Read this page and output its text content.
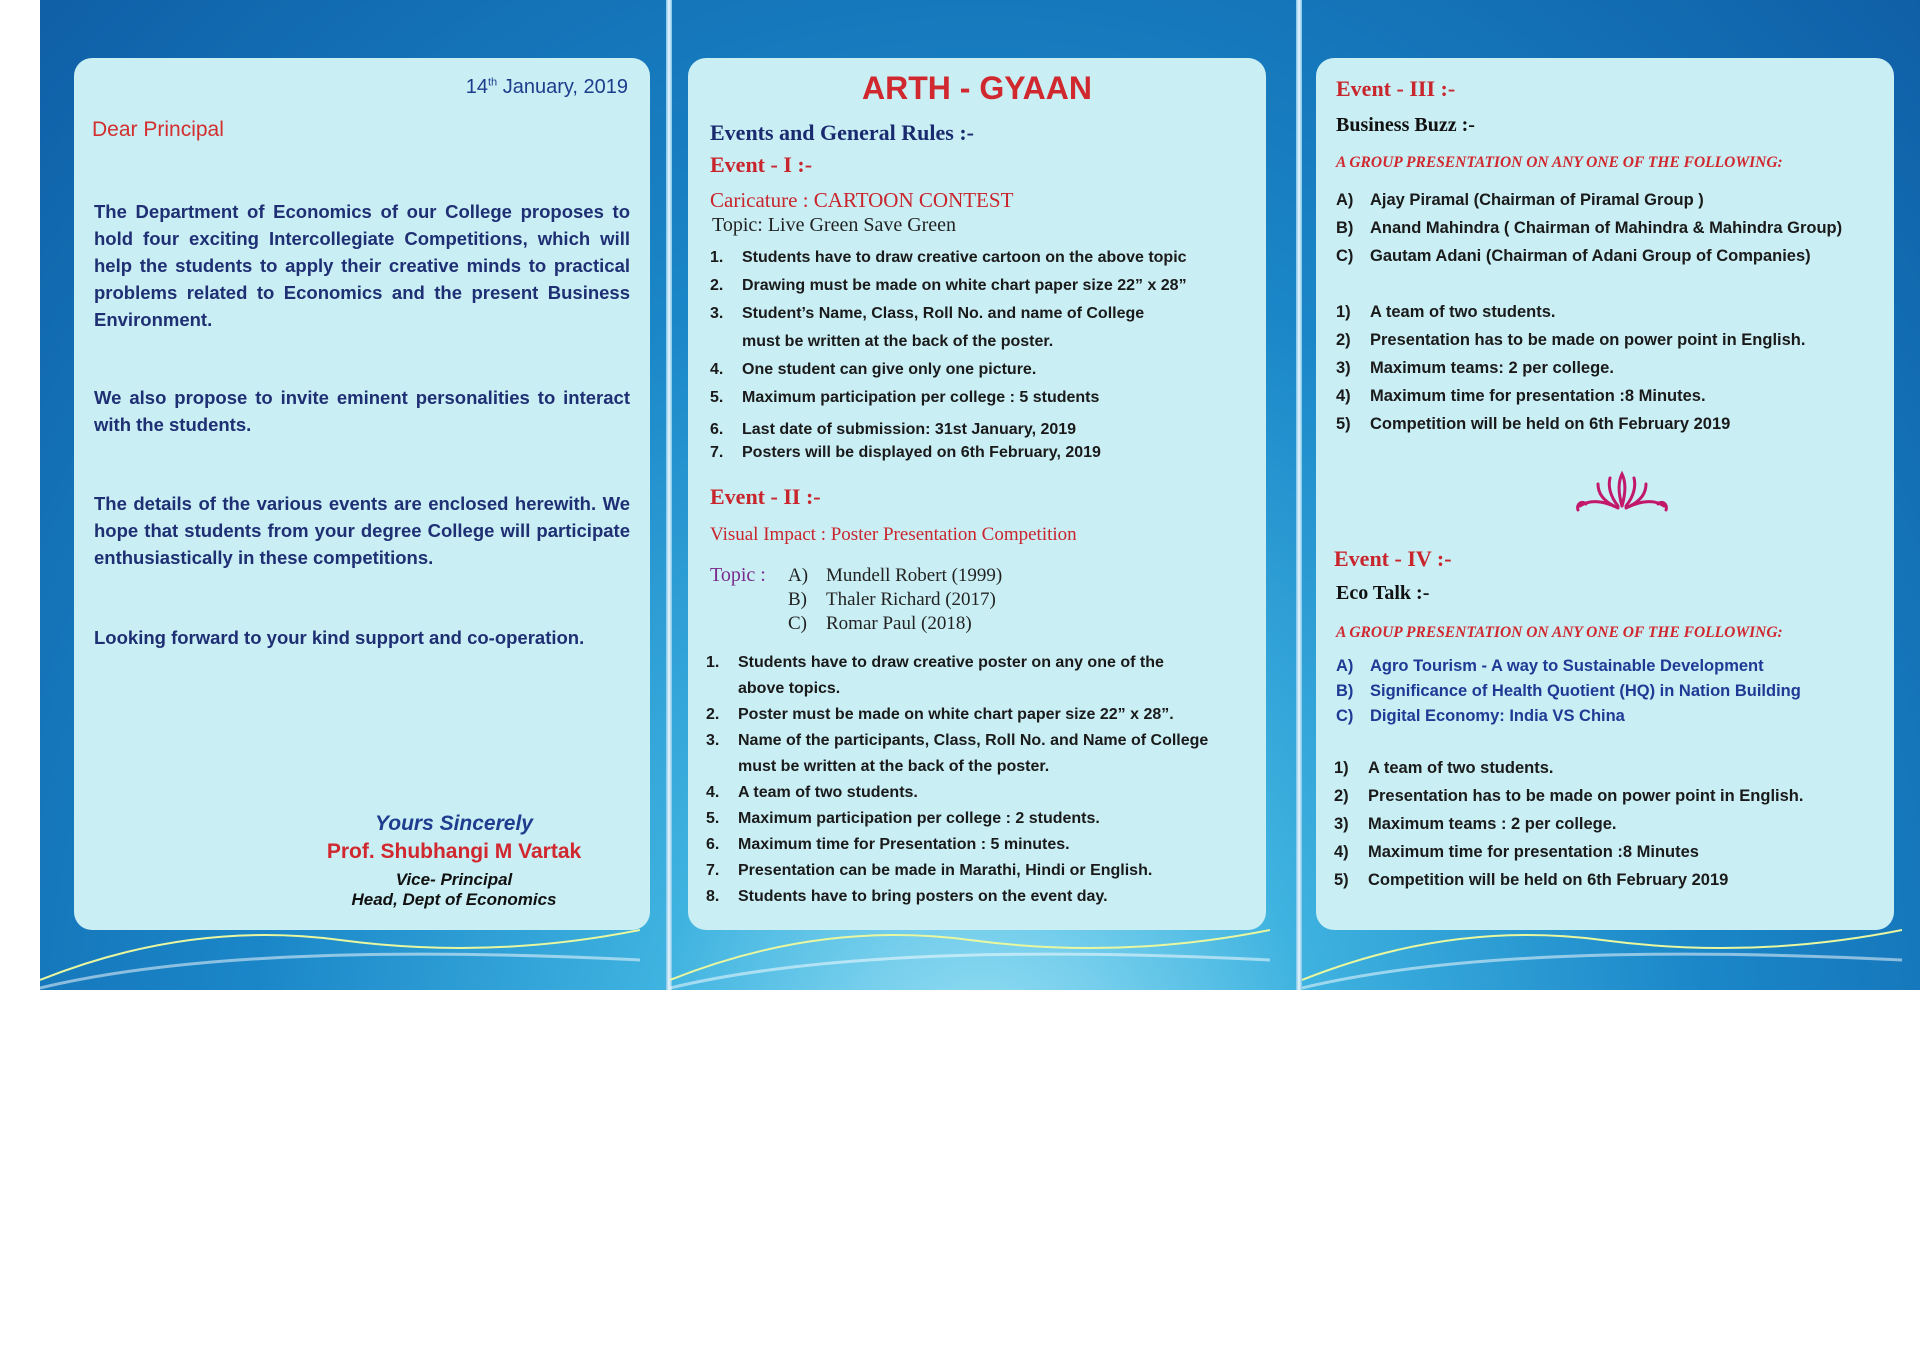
14th January, 2019
Dear Principal
The Department of Economics of our College proposes to hold four exciting Intercollegiate Competitions, which will help the students to apply their creative minds to practical problems related to Economics and the present Business Environment.
We also propose to invite eminent personalities to interact with the students.
The details of the various events are enclosed herewith. We hope that students from your degree College will participate enthusiastically in these competitions.
Looking forward to your kind support and co-operation.
Yours Sincerely
Prof. Shubhangi M Vartak
Vice- Principal
Head, Dept of Economics
ARTH - GYAAN
Events and General Rules :-
Event - I :-
Caricature : CARTOON CONTEST
Topic: Live Green Save Green
1.	Students have to draw creative cartoon on the above topic
2.	Drawing must be made on white chart paper size 22” x 28”
3.	Student’s Name, Class, Roll No. and name of College must be written at the back of the poster.
4.	One student can give only one picture.
5.	Maximum participation per college : 5 students
6.	Last date of submission: 31st January, 2019
7.	Posters will be displayed on 6th February, 2019
Event - II :-
Visual Impact : Poster Presentation Competition
Topic : A) Mundell Robert (1999)
B) Thaler Richard (2017)
C) Romar Paul (2018)
1.	Students have to draw creative poster on any one of the above topics.
2.	Poster must be made on white chart paper size 22” x 28”.
3.	Name of the participants, Class, Roll No. and Name of College must be written at the back of the poster.
4.	A team of two students.
5.	Maximum participation per college : 2 students.
6.	Maximum time for Presentation : 5 minutes.
7.	Presentation can be made in Marathi, Hindi or English.
8.	Students have to bring posters on the event day.
Event - III :-
Business Buzz :-
A GROUP PRESENTATION ON ANY ONE OF THE FOLLOWING:
A)	Ajay Piramal (Chairman of Piramal Group )
B)	Anand Mahindra ( Chairman of Mahindra & Mahindra Group)
C)	Gautam Adani (Chairman of Adani Group of Companies)
1)	A team of two students.
2)	Presentation has to be made on power point in English.
3)	Maximum teams: 2 per college.
4)	Maximum time for presentation :8 Minutes.
5)	Competition will be held on 6th February 2019
Event - IV :-
Eco Talk :-
A GROUP PRESENTATION ON ANY ONE OF THE FOLLOWING:
A)	Agro Tourism - A way to Sustainable Development
B)	Significance of Health Quotient (HQ) in Nation Building
C)	Digital Economy: India VS China
1)	A team of two students.
2)	Presentation has to be made on power point in English.
3)	Maximum teams : 2 per college.
4)	Maximum time for presentation :8 Minutes
5)	Competition will be held on 6th February 2019
